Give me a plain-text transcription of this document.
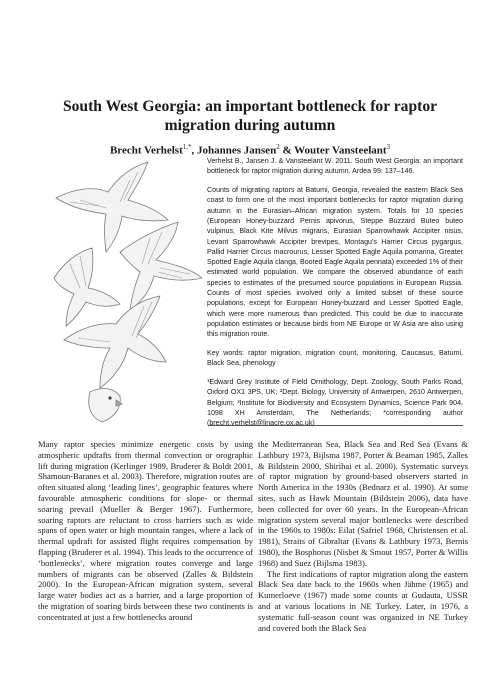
South West Georgia: an important bottleneck for raptor migration during autumn
Brecht Verhelst$^{1,*}$, Johannes Jansen$^2$ & Wouter Vansteelant$^3$

Verhelst B., Jansen J. & Vansteelant W. 2011. South West Georgia: an important bottleneck for raptor migration during autumn. Ardea 99: 137–146.

Counts of migrating raptors at Batumi, Georgia, revealed the eastern Black Sea coast to form one of the most important bottlenecks for raptor migration during autumn in the Eurasian–African migration system. Totals for 10 species (European Honey-buzzard Pernis apivorus, Steppe Buzzard Buteo buteo vulpinus, Black Kite Milvus migrans, Eurasian Sparrowhawk Accipiter nisus, Levant Sparrowhawk Accipiter brevipes, Montagu's Harrier Circus pygargus, Pallid Harrier Circus macrourus, Lesser Spotted Eagle Aquila pomarina, Greater Spotted Eagle Aquila clanga, Booted Eagle Aquila pennata) exceeded 1% of their estimated world population. We compare the observed abundance of each species to estimates of the presumed source populations in European Russia. Counts of most species involved only a limited subset of these source populations, except for European Honey-buzzard and Lesser Spotted Eagle, which were more numerous than predicted. This could be due to inaccurate population estimates or because birds from NE Europe or W Asia are also using this migration route.

Key words: raptor migration, migration count, monitoring, Caucasus, Batumi, Black Sea, phenology

¹Edward Grey Institute of Field Ornithology, Dept. Zoology, South Parks Road, Oxford OX1 3PS, UK; ²Dept. Biology, University of Antwerpen, 2610 Antwerpen, Belgium; ³Institute for Biodiversity and Ecosystem Dynamics, Science Park 904, 1098 XH Amsterdam, The Netherlands; *corresponding author (brecht.verhelst@linacre.ox.ac.uk)

Many raptor species minimize energetic costs by using atmospheric updrafts from thermal convection or orographic lift during migration (Kerlinger 1989, Bruderer & Boldt 2001, Shamoun-Baranes et al. 2003). Therefore, migration routes are often situated along ‘leading lines’, geographic features where favourable atmospheric conditions for slope- or thermal soaring prevail (Mueller & Berger 1967). Furthermore, soaring raptors are reluctant to cross barriers such as wide spans of open water or high mountain ranges, where a lack of thermal updraft for assisted flight requires compensation by flapping (Bruderer et al. 1994). This leads to the occurrence of ‘bottlenecks’, where migration routes converge and large numbers of migrants can be observed (Zalles & Bildstein 2000). In the European-African migration system, several large water bodies act as a barrier, and a large proportion of the migration of soaring birds between these two continents is concentrated at just a few bottlenecks around

the Mediterranean Sea, Black Sea and Red Sea (Evans & Lathbury 1973, Bijlsma 1987, Porter & Beaman 1985, Zalles & Bildstein 2000, Shirihai et al. 2000). Systematic surveys of raptor migration by ground-based observers started in North America in the 1930s (Bednarz et al. 1990). At some sites, such as Hawk Mountain (Bildstein 2006), data have been collected for over 60 years. In the European-African migration system several major bottlenecks were described in the 1960s to 1980s: Eilat (Safriel 1968, Christensen et al. 1981), Straits of Gibraltar (Evans & Lathbury 1973, Bernis 1980), the Bosphorus (Nisbet & Smout 1957, Porter & Willis 1968) and Suez (Bijlsma 1983).

The first indications of raptor migration along the eastern Black Sea date back to the 1960s when Jähme (1965) and Kumerloeve (1967) made some counts at Gudauta, USSR and at various locations in NE Turkey. Later, in 1976, a systematic full-season count was organized in NE Turkey and covered both the Black Sea
